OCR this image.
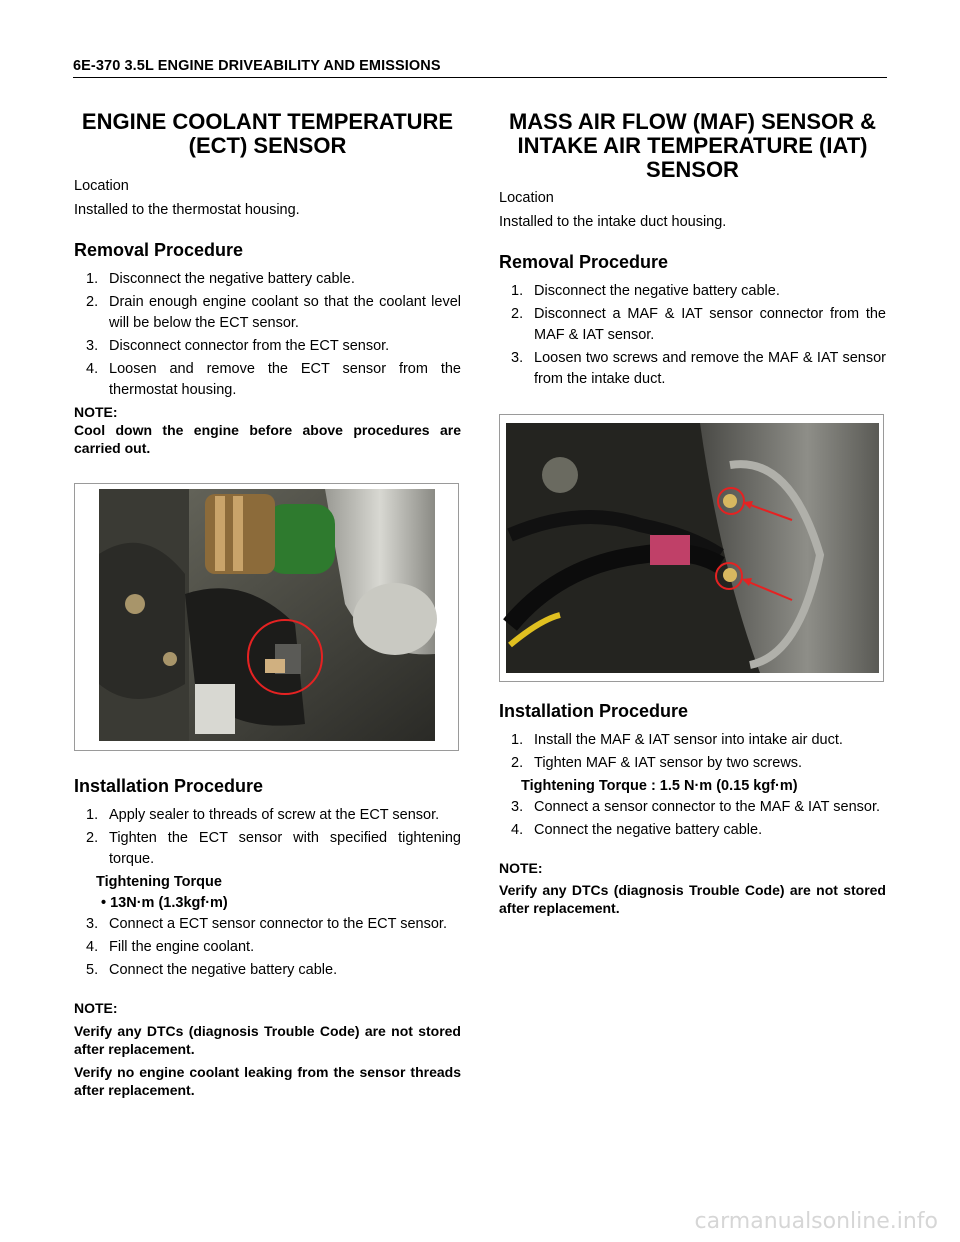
6E-370 3.5L ENGINE DRIVEABILITY AND EMISSIONS
ENGINE COOLANT TEMPERATURE (ECT) SENSOR
Location
Installed to the thermostat housing.
Removal Procedure
1. Disconnect the negative battery cable.
2. Drain enough engine coolant so that the coolant level will be below the ECT sensor.
3. Disconnect connector from the ECT sensor.
4. Loosen and remove the ECT sensor from the thermostat housing.
NOTE:
Cool down the engine before above procedures are carried out.
Installation Procedure
1. Apply sealer to threads of screw at the ECT sensor.
2. Tighten the ECT sensor with specified tightening torque.
Tightening Torque
• 13N·m (1.3kgf·m)
3. Connect a ECT sensor connector to the ECT sensor.
4. Fill the engine coolant.
5. Connect the negative battery cable.
NOTE:
Verify any DTCs (diagnosis Trouble Code) are not stored after replacement.
Verify no engine coolant leaking from the sensor threads after replacement.
MASS AIR FLOW (MAF) SENSOR & INTAKE AIR TEMPERATURE (IAT) SENSOR
Location
Installed to the intake duct housing.
Removal Procedure
1. Disconnect the negative battery cable.
2. Disconnect a MAF & IAT sensor connector from the MAF & IAT sensor.
3. Loosen two screws and remove the MAF & IAT sensor from the intake duct.
Installation Procedure
1. Install the MAF & IAT sensor into intake air duct.
2. Tighten MAF & IAT sensor by two screws.
Tightening Torque : 1.5 N·m (0.15 kgf·m)
3. Connect a sensor connector to the MAF & IAT sensor.
4. Connect the negative battery cable.
NOTE:
Verify any DTCs (diagnosis Trouble Code) are not stored after replacement.
carmanualsonline.info
